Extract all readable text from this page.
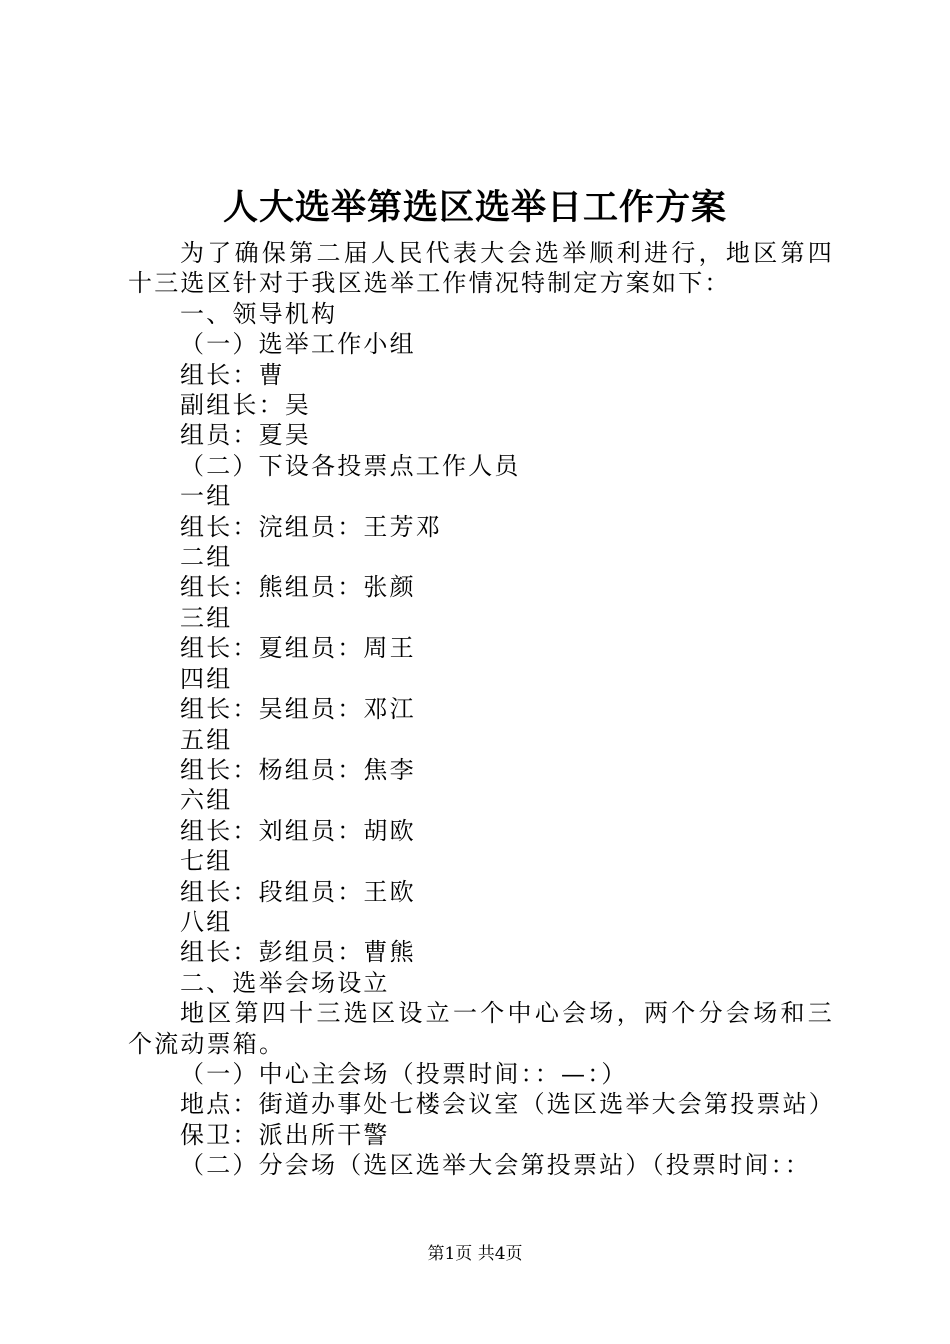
人大选举第选区选举日工作方案

为了确保第二届人民代表大会选举顺利进行，地区第四十三选区针对于我区选举工作情况特制定方案如下：

一、领导机构

（一）选举工作小组

组长：曹

副组长：吴

组员：夏吴

（二）下设各投票点工作人员

一组

组长：浣组员：王芳邓

二组

组长：熊组员：张颜

三组

组长：夏组员：周王

四组

组长：吴组员：邓江

五组

组长：杨组员：焦李

六组

组长：刘组员：胡欧

七组

组长：段组员：王欧

八组

组长：彭组员：曹熊

二、选举会场设立

地区第四十三选区设立一个中心会场，两个分会场和三个流动票箱。

（一）中心主会场（投票时间：：—：）

地点：街道办事处七楼会议室（选区选举大会第投票站）

保卫：派出所干警

（二）分会场（选区选举大会第投票站）（投票时间：：

第1页 共4页
